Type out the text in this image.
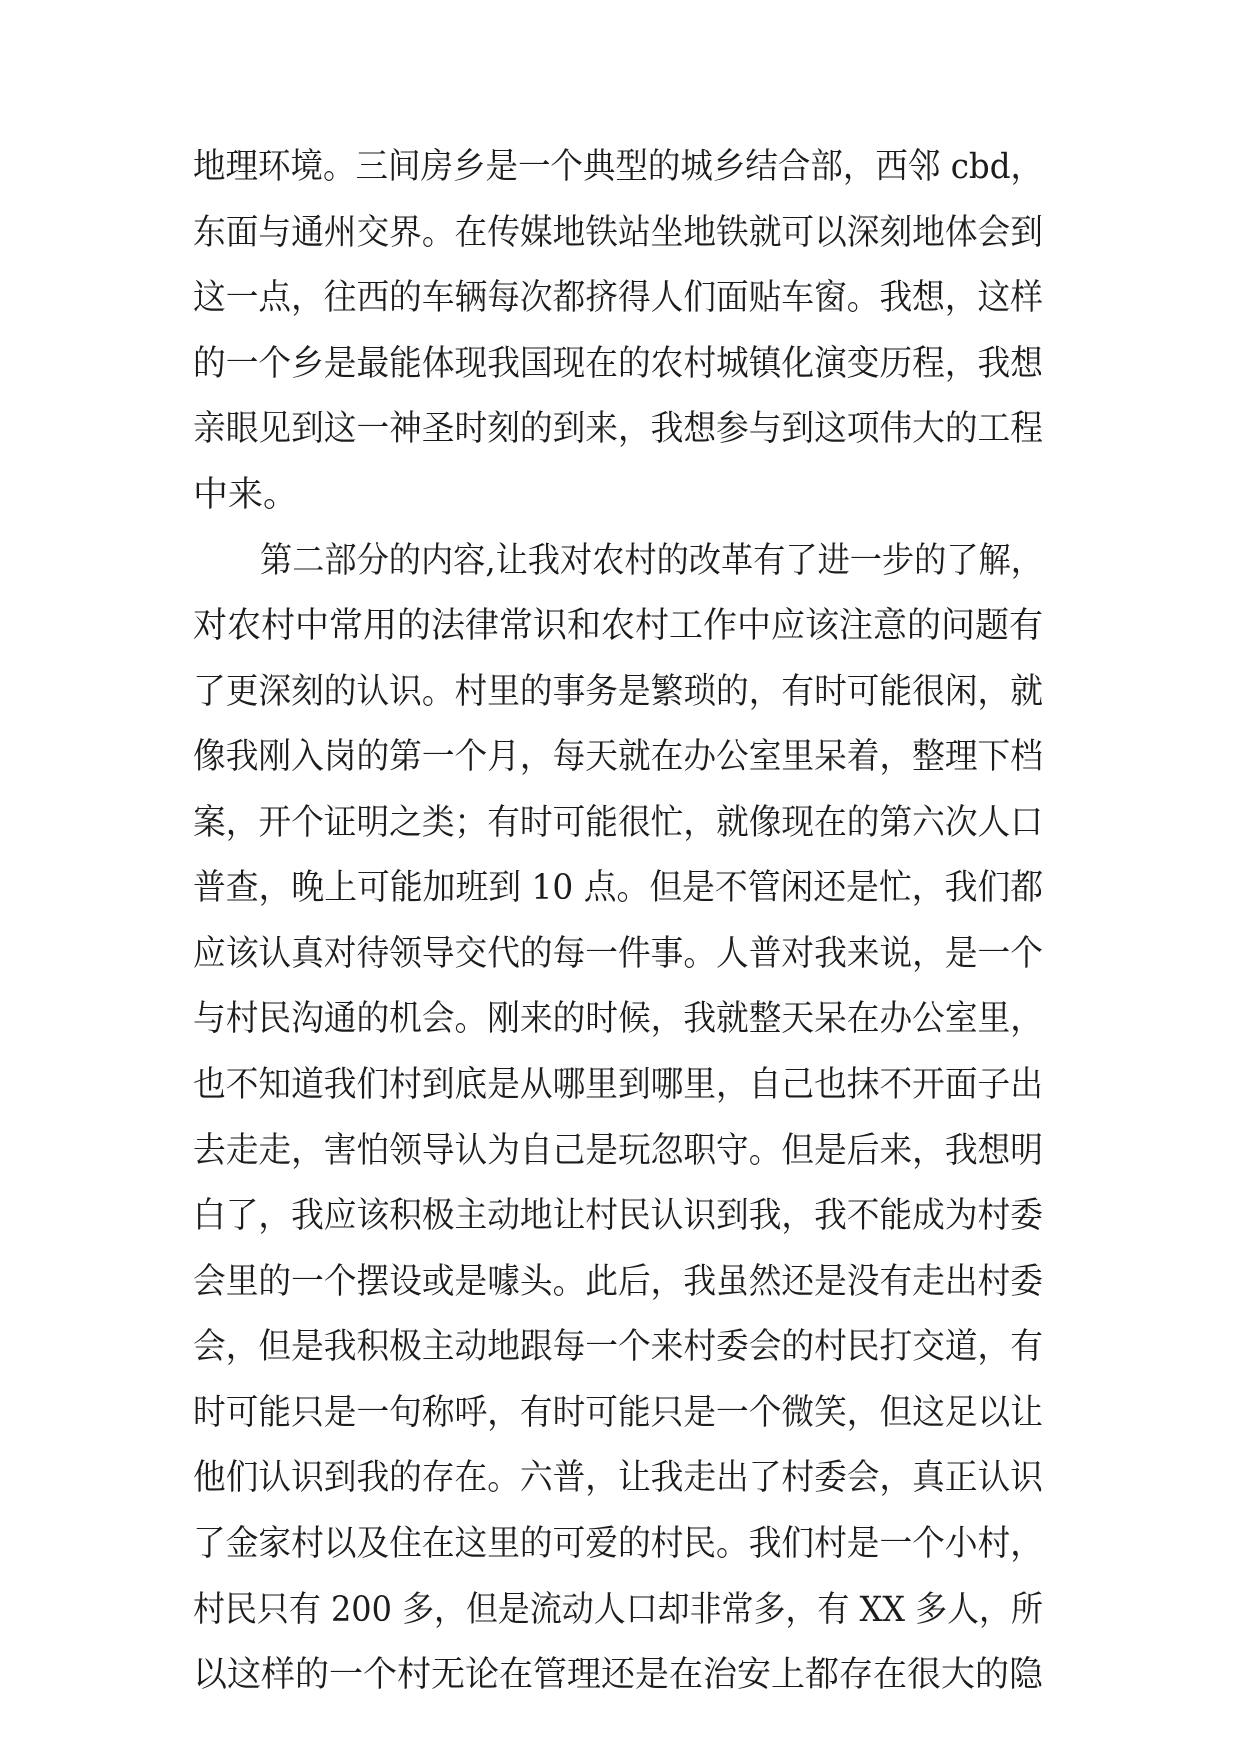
地理环境。三间房乡是一个典型的城乡结合部，西邻 cbd，
东面与通州交界。在传媒地铁站坐地铁就可以深刻地体会到
这一点，往西的车辆每次都挤得人们面贴车窗。我想，这样
的一个乡是最能体现我国现在的农村城镇化演变历程，我想
亲眼见到这一神圣时刻的到来，我想参与到这项伟大的工程
中来。
第二部分的内容,让我对农村的改革有了进一步的了解，
对农村中常用的法律常识和农村工作中应该注意的问题有
了更深刻的认识。村里的事务是繁琐的，有时可能很闲，就
像我刚入岗的第一个月，每天就在办公室里呆着，整理下档
案，开个证明之类；有时可能很忙，就像现在的第六次人口
普查，晚上可能加班到 10 点。但是不管闲还是忙，我们都
应该认真对待领导交代的每一件事。人普对我来说，是一个
与村民沟通的机会。刚来的时候，我就整天呆在办公室里，
也不知道我们村到底是从哪里到哪里，自己也抹不开面子出
去走走，害怕领导认为自己是玩忽职守。但是后来，我想明
白了，我应该积极主动地让村民认识到我，我不能成为村委
会里的一个摆设或是噱头。此后，我虽然还是没有走出村委
会，但是我积极主动地跟每一个来村委会的村民打交道，有
时可能只是一句称呼，有时可能只是一个微笑，但这足以让
他们认识到我的存在。六普，让我走出了村委会，真正认识
了金家村以及住在这里的可爱的村民。我们村是一个小村，
村民只有 200 多，但是流动人口却非常多，有 XX 多人，所
以这样的一个村无论在管理还是在治安上都存在很大的隐
